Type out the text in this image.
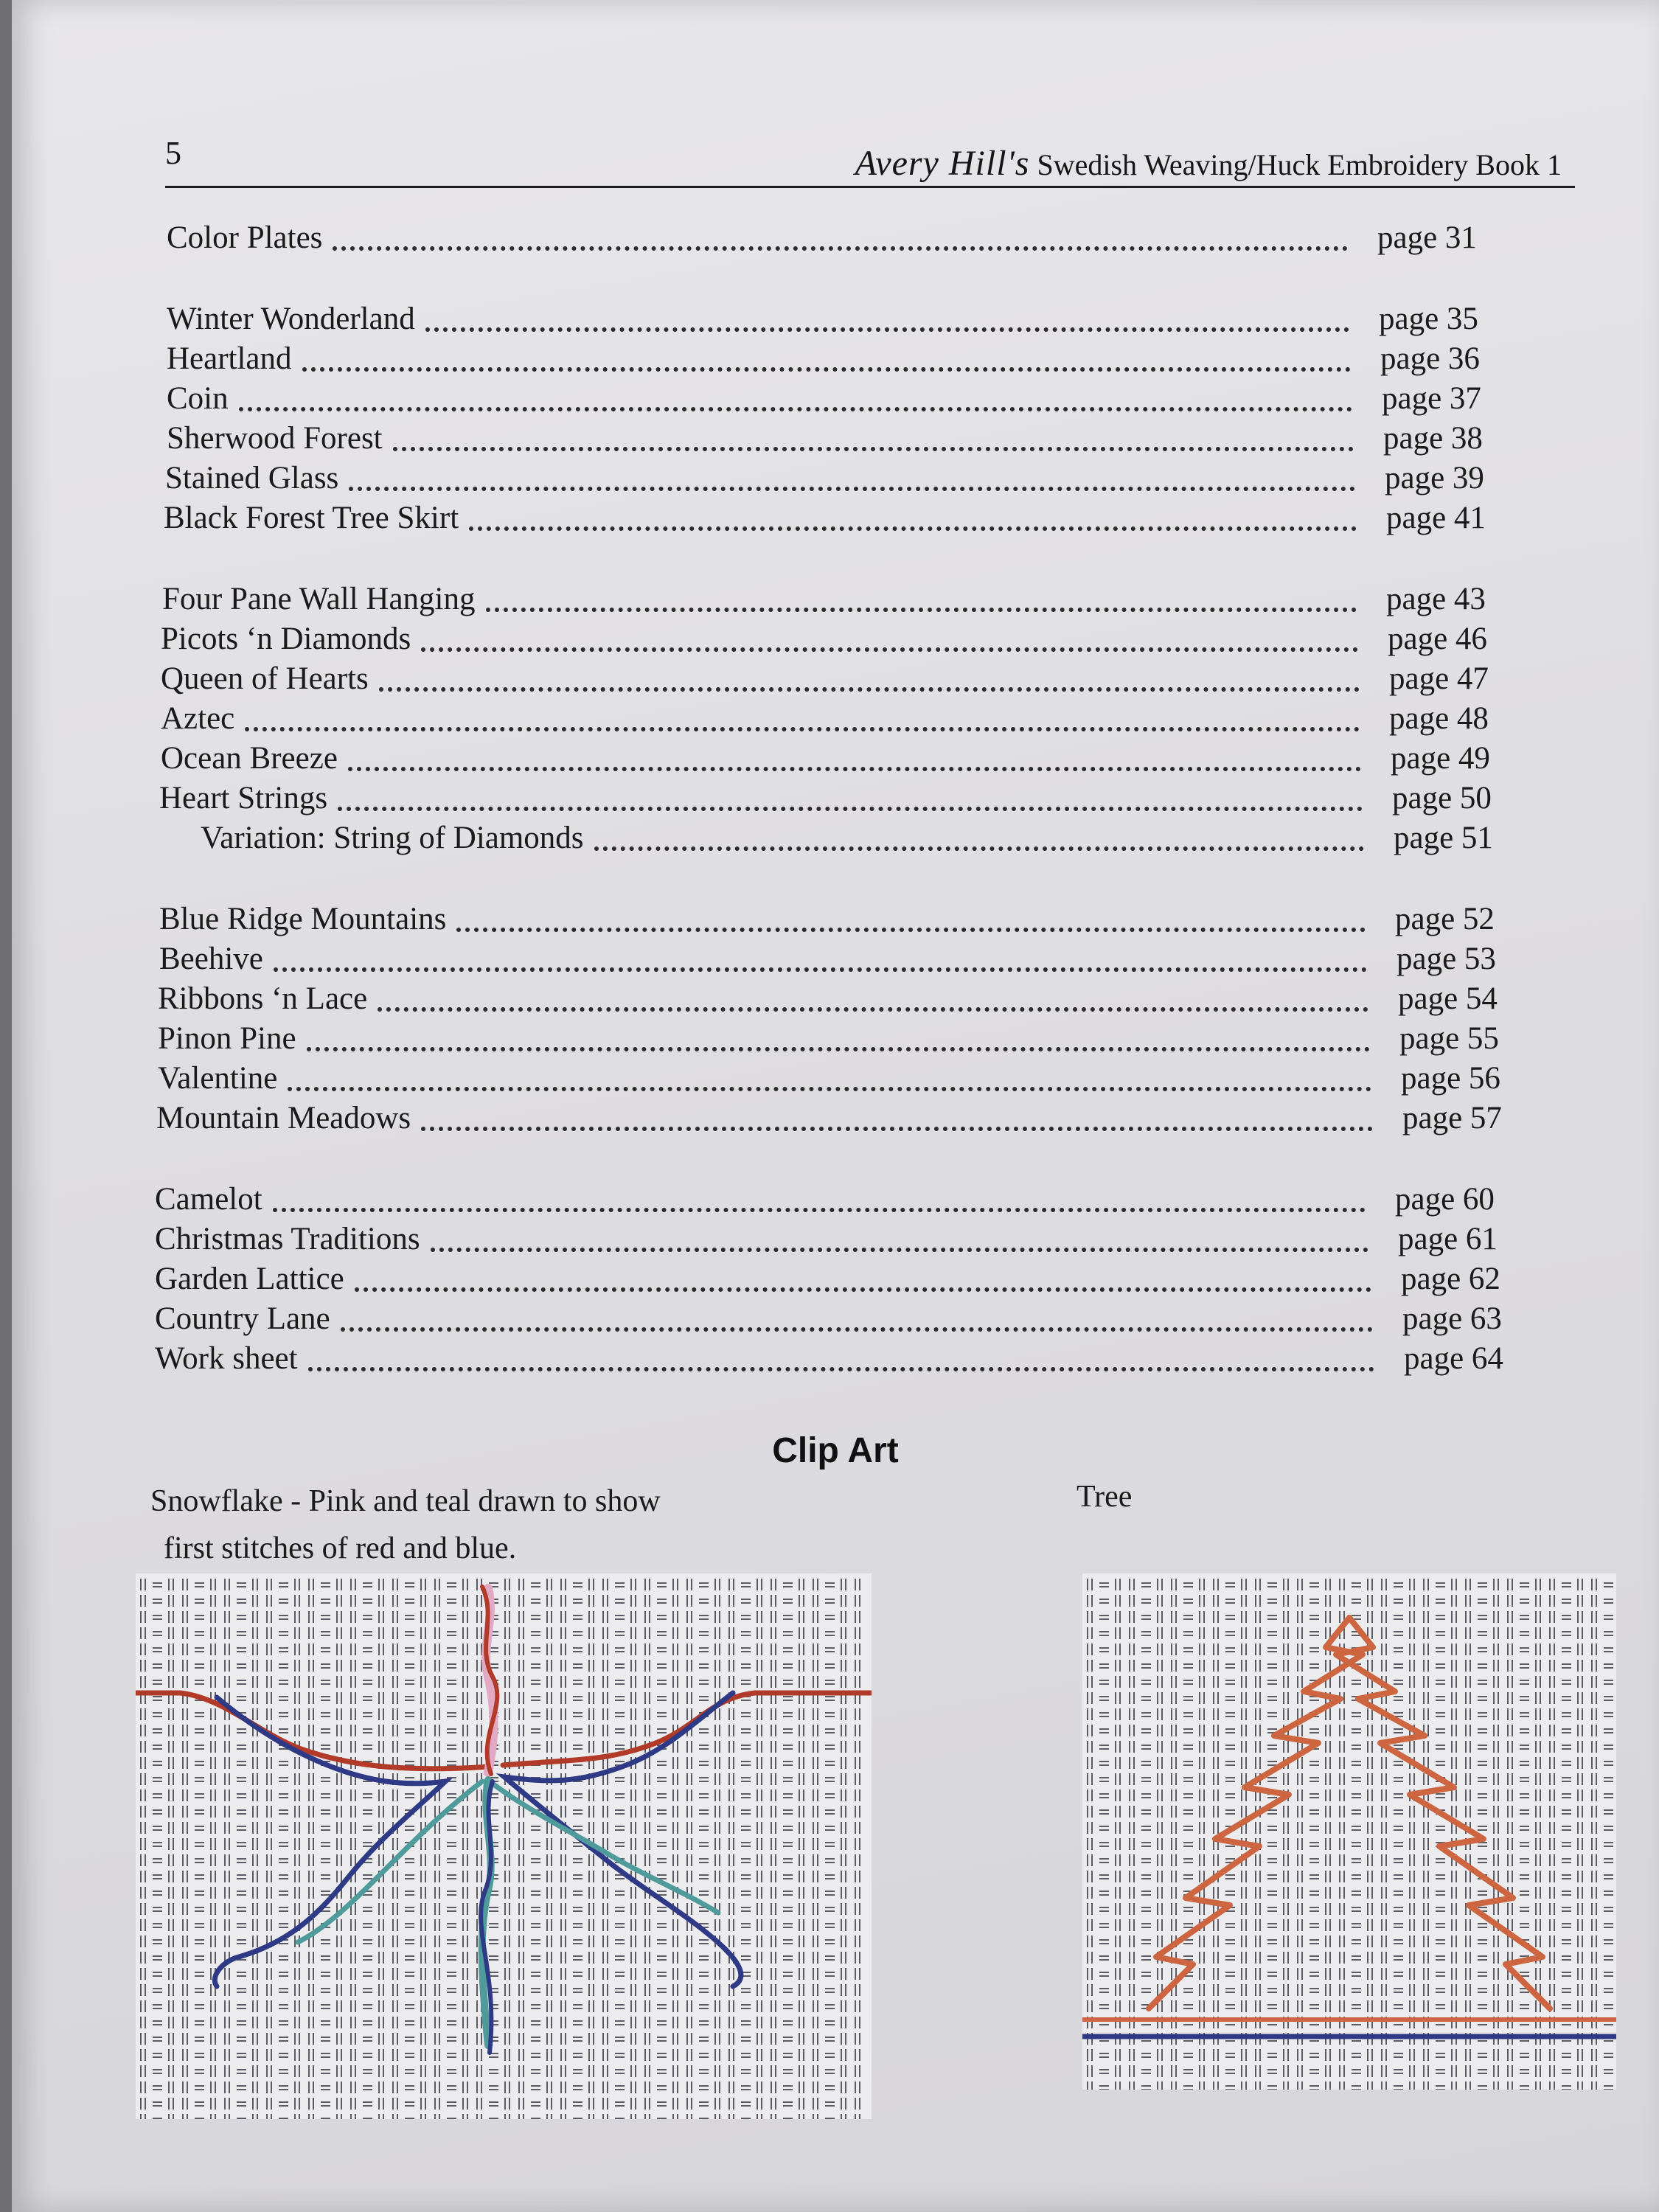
5	Avery Hill's Swedish Weaving/Huck Embroidery Book 1
Color Plates	page 31
Winter Wonderland	page 35
Heartland	page 36
Coin	page 37
Sherwood Forest	page 38
Stained Glass	page 39
Black Forest Tree Skirt	page 41
Four Pane Wall Hanging	page 43
Picots ‘n Diamonds	page 46
Queen of Hearts	page 47
Aztec	page 48
Ocean Breeze	page 49
Heart Strings	page 50
Variation: String of Diamonds	page 51
Blue Ridge Mountains	page 52
Beehive	page 53
Ribbons ‘n Lace	page 54
Pinon Pine	page 55
Valentine	page 56
Mountain Meadows	page 57
Camelot	page 60
Christmas Traditions	page 61
Garden Lattice	page 62
Country Lane	page 63
Work sheet	page 64
Clip Art
Snowflake - Pink and teal drawn to show
first stitches of red and blue.
Tree
